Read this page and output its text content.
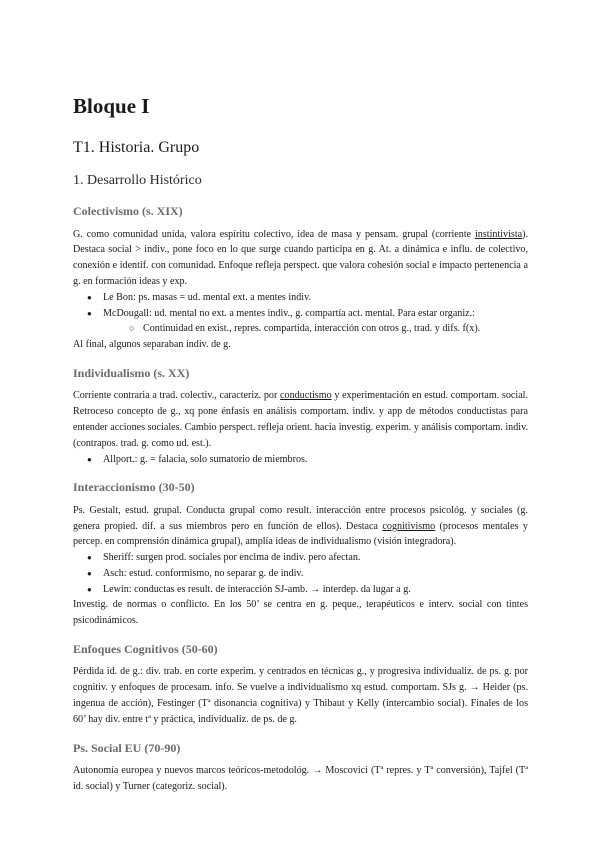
Bloque I
T1. Historia. Grupo
1. Desarrollo Histórico
Colectivismo (s. XIX)

G. como comunidad unida, valora espíritu colectivo, idea de masa y pensam. grupal (corriente instintivista). Destaca social > indiv., pone foco en lo que surge cuando participa en g. At. a dinámica e influ. de colectivo, conexión e identif. con comunidad. Enfoque refleja perspect. que valora cohesión social e impacto pertenencia a g. en formación ideas y exp.

● Le Bon: ps. masas = ud. mental ext. a mentes indiv.
● McDougall: ud. mental no ext. a mentes indiv., g. compartía act. mental. Para estar organiz.:
○ Continuidad en exist., repres. compartida, interacción con otros g., trad. y difs. f(x).

Al final, algunos separaban indiv. de g.

Individualismo (s. XX)

Corriente contraria a trad. colectiv., caracteriz. por conductismo y experimentación en estud. comportam. social. Retroceso concepto de g., xq pone énfasis en análisis comportam. indiv. y app de métodos conductistas para entender acciones sociales. Cambio perspect. refleja orient. hacia investig. experim. y análisis comportam. indiv. (contrapos. trad. g. como ud. est.).

● Allport.: g. = falacia, solo sumatorio de miembros.
Interaccionismo (30-50)

Ps. Gestalt, estud. grupal. Conducta grupal como result. interacción entre procesos psicológ. y sociales (g. genera propied. dif. a sus miembros pero en función de ellos). Destaca cognitivismo (procesos mentales y percep. en comprensión dinámica grupal), amplía ideas de individualismo (visión integradora).

● Sheriff: surgen prod. sociales por encima de indiv. pero afectan.
● Asch: estud. conformismo, no separar g. de indiv.
● Lewin: conductas es result. de interacción SJ-amb. → interdep. da lugar a g.

Investig. de normas o conflicto. En los 50’ se centra en g. peque., terapéuticos e interv. social con tintes psicodinámicos.

Enfoques Cognitivos (50-60)

Pérdida id. de g.: div. trab. en corte experim. y centrados en técnicas g., y progresiva individualiz. de ps. g. por cognitiv. y enfoques de procesam. info. Se vuelve a individualismo xq estud. comportam. SJs g. → Heider (ps. ingenua de acción), Festinger (Tª disonancia cognitiva) y Thibaut y Kelly (intercambio social). Finales de los 60’ hay div. entre tª y práctica, individualiz. de ps. de g.

Ps. Social EU (70-90)

Autonomía europea y nuevos marcos teóricos-metodológ. → Moscovici (Tª repres. y Tª conversión), Tajfel (Tª id. social) y Turner (categoriz. social).
